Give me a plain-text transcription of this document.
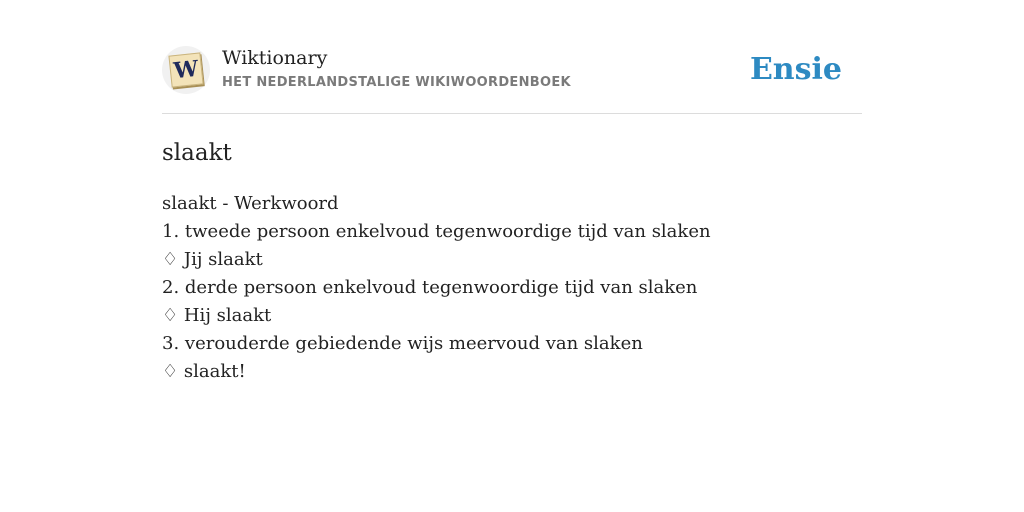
W Wiktionary
HET NEDERLANDSTALIGE WIKIWOORDENBOEK	Ensie
slaakt
slaakt - Werkwoord
1. tweede persoon enkelvoud tegenwoordige tijd van slaken
♢ Jij slaakt
2. derde persoon enkelvoud tegenwoordige tijd van slaken
♢ Hij slaakt
3. verouderde gebiedende wijs meervoud van slaken
♢ slaakt!
